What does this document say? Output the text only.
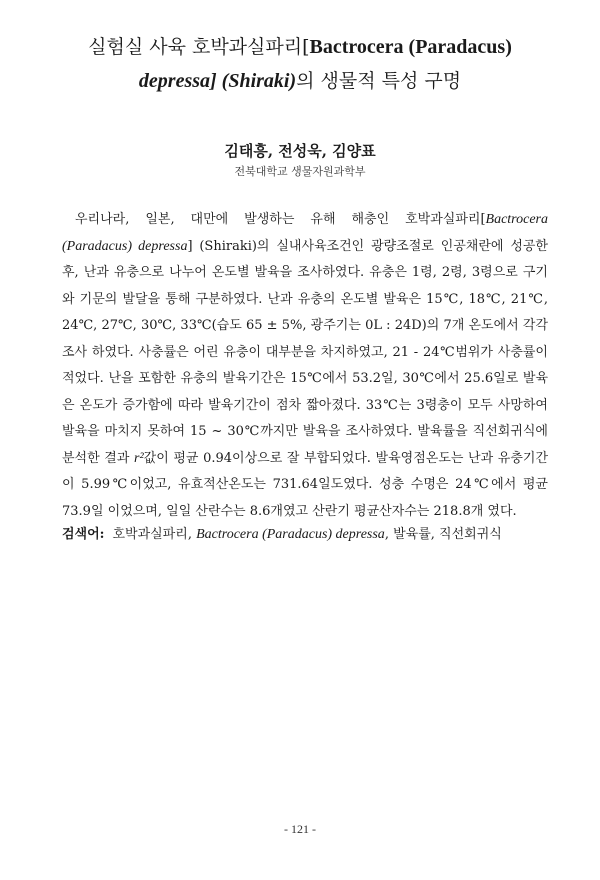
실험실 사육 호박과실파리[Bactrocera (Paradacus)
depressa] (Shiraki)의 생물적 특성 구명
김태흥, 전성욱, 김양표
전북대학교 생물자원과학부

우리나라, 일본, 대만에 발생하는 유해 해충인 호박과실파리[Bactrocera (Paradacus) depressa] (Shiraki)의 실내사육조건인 광량조절로 인공채란에 성공한 후, 난과 유충으로 나누어 온도별 발육을 조사하였다. 유충은 1령, 2령, 3령으로 구기와 기문의 발달을 통해 구분하였다. 난과 유충의 온도별 발육은 15℃, 18℃, 21℃, 24℃, 27℃, 30℃, 33℃(습도 65 ± 5%, 광주기는 0L : 24D)의 7개 온도에서 각각 조사 하였다. 사충률은 어린 유충이 대부분을 차지하였고, 21 - 24℃범위가 사충률이 적었다. 난을 포함한 유충의 발육기간은 15℃에서 53.2일, 30℃에서 25.6일로 발육은 온도가 증가함에 따라 발육기간이 점차 짧아졌다. 33℃는 3령충이 모두 사망하여 발육을 마치지 못하여 15 ~ 30℃까지만 발육을 조사하였다. 발육률을 직선회귀식에 분석한 결과 r²값이 평균 0.94이상으로 잘 부합되었다. 발육영점온도는 난과 유충기간이 5.99℃이었고, 유효적산온도는 731.64일도였다. 성충 수명은 24℃에서 평균 73.9일 이었으며, 일일 산란수는 8.6개였고 산란기 평균산자수는 218.8개 였다.

검색어: 호박과실파리, Bactrocera (Paradacus) depressa, 발육률, 직선회귀식

- 121 -
